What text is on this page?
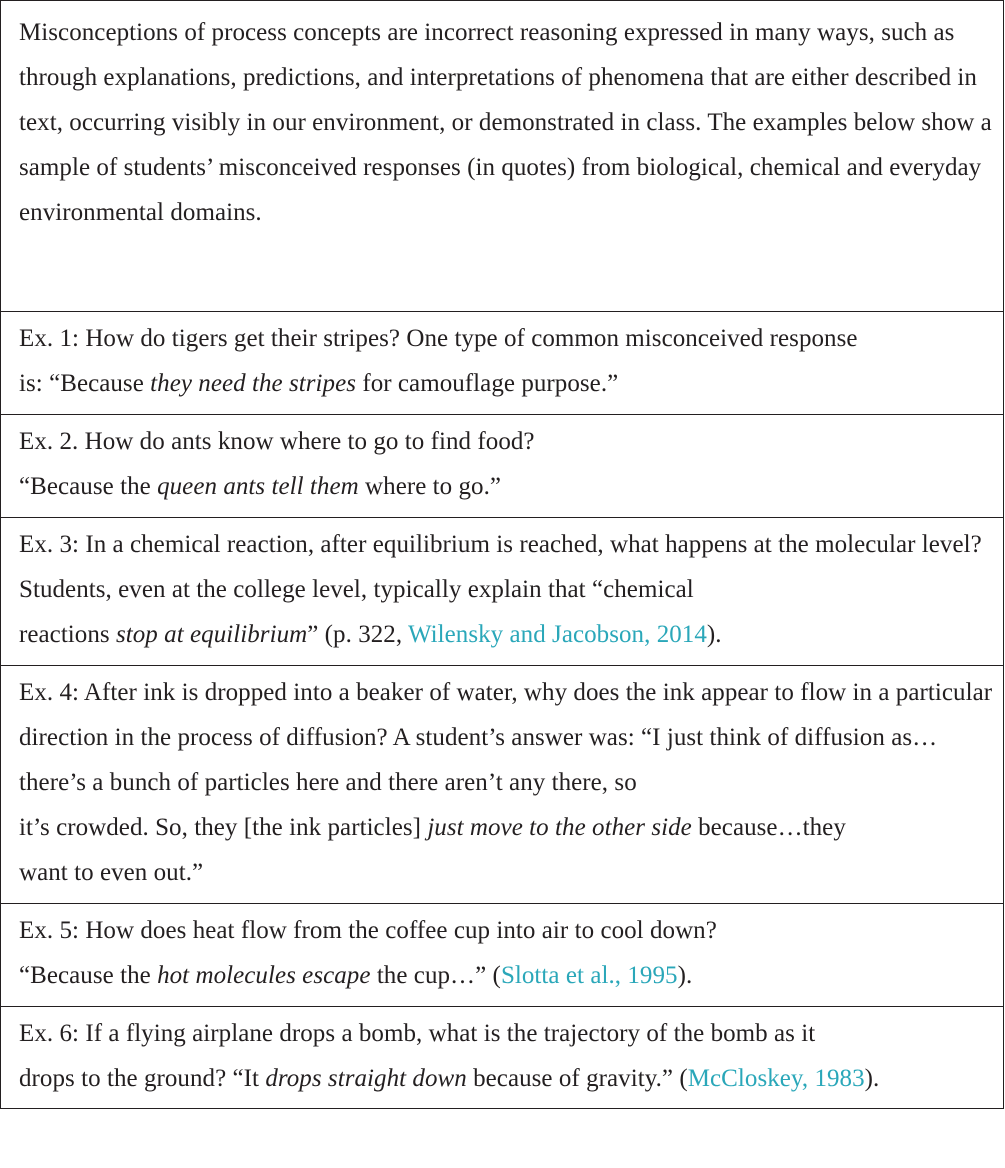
Misconceptions of process concepts are incorrect reasoning expressed in many ways, such as through explanations, predictions, and interpretations of phenomena that are either described in text, occurring visibly in our environment, or demonstrated in class. The examples below show a sample of students’ misconceived responses (in quotes) from biological, chemical and everyday environmental domains.

Ex. 1: How do tigers get their stripes? One type of common misconceived response

is: “Because they need the stripes for camouflage purpose.”

Ex. 2. How do ants know where to go to find food?

“Because the queen ants tell them where to go.”

Ex. 3: In a chemical reaction, after equilibrium is reached, what happens at the molecular level? Students, even at the college level, typically explain that “chemical

reactions stop at equilibrium” (p. 322, Wilensky and Jacobson, 2014).

Ex. 4: After ink is dropped into a beaker of water, why does the ink appear to flow in a particular direction in the process of diffusion? A student’s answer was: “I just think of diffusion as…there’s a bunch of particles here and there aren’t any there, so

it’s crowded. So, they [the ink particles] just move to the other side because…they

want to even out.”

Ex. 5: How does heat flow from the coffee cup into air to cool down?

“Because the hot molecules escape the cup…” (Slotta et al., 1995).

Ex. 6: If a flying airplane drops a bomb, what is the trajectory of the bomb as it

drops to the ground? “It drops straight down because of gravity.” (McCloskey, 1983).
